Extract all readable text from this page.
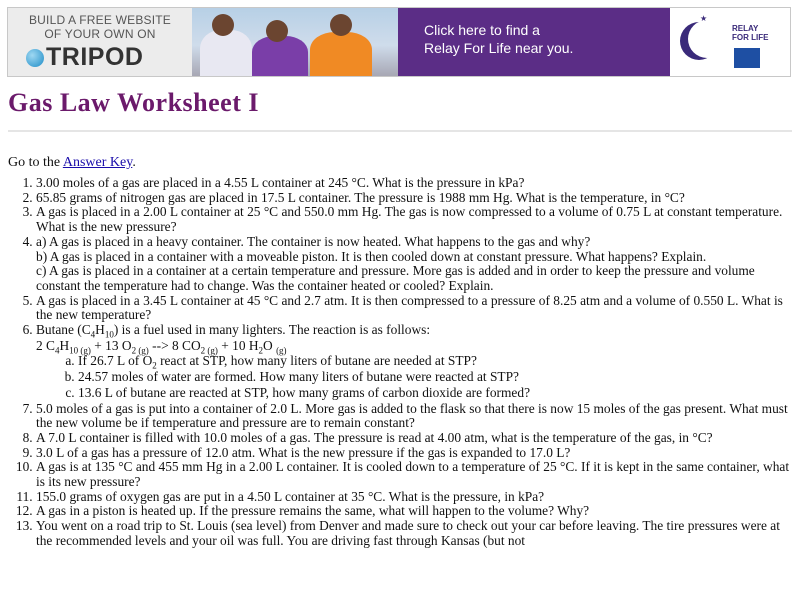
BUILD A FREE WEBSITE
OF YOUR OWN ON
TRIPOD
Click here to find a
Relay For Life near you.
★
RELAY FOR LIFE
Gas Law Worksheet I
Go to the Answer Key.
1. 3.00 moles of a gas are placed in a 4.55 L container at 245 °C. What is the pressure in kPa?
2. 65.85 grams of nitrogen gas are placed in 17.5 L container. The pressure is 1988 mm Hg. What is the temperature, in °C?
3. A gas is placed in a 2.00 L container at 25 °C and 550.0 mm Hg. The gas is now compressed to a volume of 0.75 L at constant temperature. What is the new pressure?
4. a) A gas is placed in a heavy container. The container is now heated. What happens to the gas and why?
b) A gas is placed in a container with a moveable piston. It is then cooled down at constant pressure. What happens? Explain.
c) A gas is placed in a container at a certain temperature and pressure. More gas is added and in order to keep the pressure and volume constant the temperature had to change. Was the container heated or cooled? Explain.
5. A gas is placed in a 3.45 L container at 45 °C and 2.7 atm. It is then compressed to a pressure of 8.25 atm and a volume of 0.550 L. What is the new temperature?
6. Butane $(C_4H_{10})$ is a fuel used in many lighters. The reaction is as follows:
2 $C_4H_{10 (g)} + 13$ $O_{2 (g)}$ --> 8 $CO_{2 (g)} + 10$ $H_2O$ $_{(g)}$
a. If 26.7 L of $O_2$ react at STP, how many liters of butane are needed at STP?
b. 24.57 moles of water are formed. How many liters of butane were reacted at STP?
c. 13.6 L of butane are reacted at STP, how many grams of carbon dioxide are formed?
7. 5.0 moles of a gas is put into a container of 2.0 L. More gas is added to the flask so that there is now 15 moles of the gas present. What must the new volume be if temperature and pressure are to remain constant?
8. A 7.0 L container is filled with 10.0 moles of a gas. The pressure is read at 4.00 atm, what is the temperature of the gas, in °C?
9. 3.0 L of a gas has a pressure of 12.0 atm. What is the new pressure if the gas is expanded to 17.0 L?
10. A gas is at 135 °C and 455 mm Hg in a 2.00 L container. It is cooled down to a temperature of 25 °C. If it is kept in the same container, what is its new pressure?
11. 155.0 grams of oxygen gas are put in a 4.50 L container at 35 °C. What is the pressure, in kPa?
12. A gas in a piston is heated up. If the pressure remains the same, what will happen to the volume? Why?
13. You went on a road trip to St. Louis (sea level) from Denver and made sure to check out your car before leaving. The tire pressures were at the recommended levels and your oil was full. You are driving fast through Kansas (but not
